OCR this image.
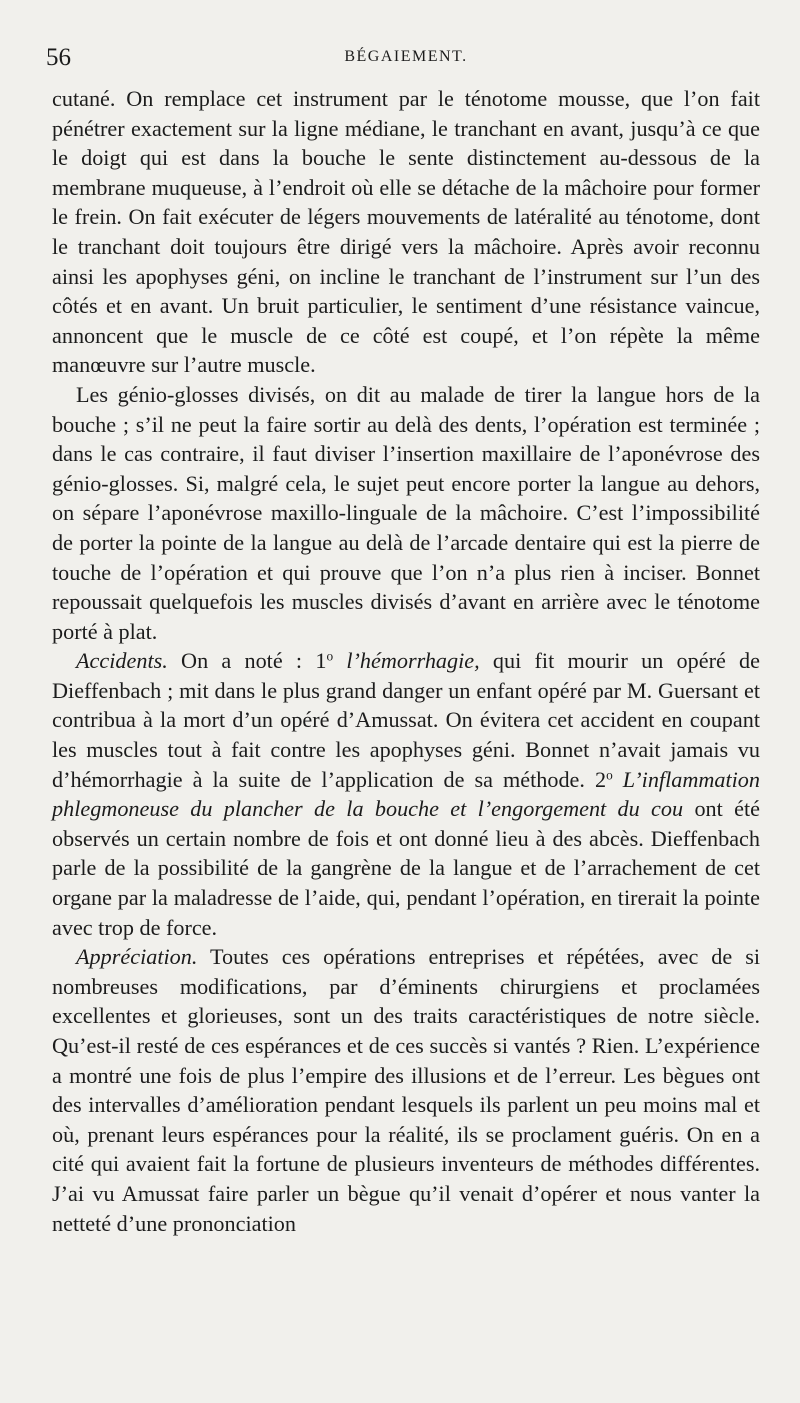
56	BÉGAIEMENT.

cutané. On remplace cet instrument par le ténotome mousse, que l’on fait pénétrer exactement sur la ligne médiane, le tranchant en avant, jusqu’à ce que le doigt qui est dans la bouche le sente distinctement au-dessous de la membrane muqueuse, à l’endroit où elle se détache de la mâchoire pour former le frein. On fait exécuter de légers mouvements de latéralité au ténotome, dont le tranchant doit toujours être dirigé vers la mâchoire. Après avoir reconnu ainsi les apophyses géni, on incline le tranchant de l’instrument sur l’un des côtés et en avant. Un bruit particulier, le sentiment d’une résistance vaincue, annoncent que le muscle de ce côté est coupé, et l’on répète la même manœuvre sur l’autre muscle.

Les génio-glosses divisés, on dit au malade de tirer la langue hors de la bouche ; s’il ne peut la faire sortir au delà des dents, l’opération est terminée ; dans le cas contraire, il faut diviser l’insertion maxillaire de l’aponévrose des génio-glosses. Si, malgré cela, le sujet peut encore porter la langue au dehors, on sépare l’aponévrose maxillo-linguale de la mâchoire. C’est l’impossibilité de porter la pointe de la langue au delà de l’arcade dentaire qui est la pierre de touche de l’opération et qui prouve que l’on n’a plus rien à inciser. Bonnet repoussait quelquefois les muscles divisés d’avant en arrière avec le ténotome porté à plat.

Accidents. On a noté : 1$^o$ l’hémorrhagie, qui fit mourir un opéré de Dieffenbach ; mit dans le plus grand danger un enfant opéré par M. Guersant et contribua à la mort d’un opéré d’Amussat. On évitera cet accident en coupant les muscles tout à fait contre les apophyses géni. Bonnet n’avait jamais vu d’hémorrhagie à la suite de l’application de sa méthode. 2$^o$ L’inflammation phlegmoneuse du plancher de la bouche et l’engorgement du cou ont été observés un certain nombre de fois et ont donné lieu à des abcès. Dieffenbach parle de la possibilité de la gangrène de la langue et de l’arrachement de cet organe par la maladresse de l’aide, qui, pendant l’opération, en tirerait la pointe avec trop de force.

Appréciation. Toutes ces opérations entreprises et répétées, avec de si nombreuses modifications, par d’éminents chirurgiens et proclamées excellentes et glorieuses, sont un des traits caractéristiques de notre siècle. Qu’est-il resté de ces espérances et de ces succès si vantés ? Rien. L’expérience a montré une fois de plus l’empire des illusions et de l’erreur. Les bègues ont des intervalles d’amélioration pendant lesquels ils parlent un peu moins mal et où, prenant leurs espérances pour la réalité, ils se proclament guéris. On en a cité qui avaient fait la fortune de plusieurs inventeurs de méthodes différentes. J’ai vu Amussat faire parler un bègue qu’il venait d’opérer et nous vanter la netteté d’une prononciation
